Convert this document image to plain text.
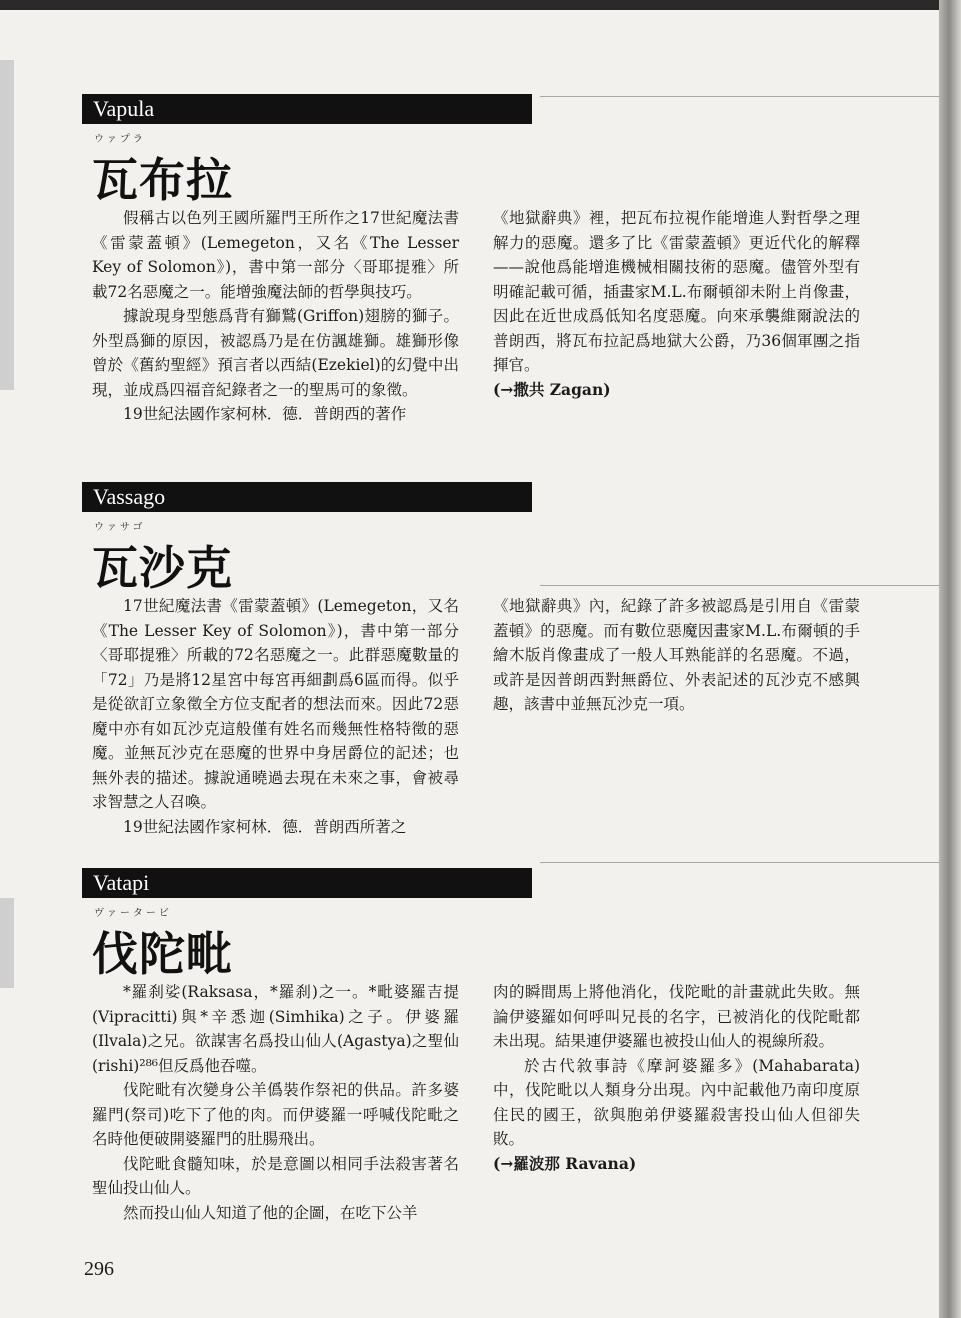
Vapula
ウァプラ
瓦布拉

假稱古以色列王國所羅門王所作之17世紀魔法書《雷蒙蓋頓》(Lemegeton，又名《The Lesser Key of Solomon》)，書中第一部分〈哥耶提雅〉所載72名惡魔之一。能增強魔法師的哲學與技巧。

據說現身型態爲背有獅鷲(Griffon)翅膀的獅子。外型爲獅的原因，被認爲乃是在仿諷雄獅。雄獅形像曾於《舊約聖經》預言者以西結(Ezekiel)的幻覺中出現，並成爲四福音紀錄者之一的聖馬可的象徵。

19世紀法國作家柯林．德．普朗西的著作

《地獄辭典》裡，把瓦布拉視作能增進人對哲學之理解力的惡魔。還多了比《雷蒙蓋頓》更近代化的解釋——說他爲能增進機械相關技術的惡魔。儘管外型有明確記載可循，插畫家M.L.布爾頓卻未附上肖像畫，因此在近世成爲低知名度惡魔。向來承襲維爾說法的普朗西，將瓦布拉記爲地獄大公爵，乃36個軍團之指揮官。

(→撒共 Zagan)

Vassago
ウァサゴ
瓦沙克

17世紀魔法書《雷蒙蓋頓》(Lemegeton，又名《The Lesser Key of Solomon》)，書中第一部分〈哥耶提雅〉所載的72名惡魔之一。此群惡魔數量的「72」乃是將12星宮中每宮再細劃爲6區而得。似乎是從欲訂立象徵全方位支配者的想法而來。因此72惡魔中亦有如瓦沙克這般僅有姓名而幾無性格特徵的惡魔。並無瓦沙克在惡魔的世界中身居爵位的記述；也無外表的描述。據說通曉過去現在未來之事，會被尋求智慧之人召喚。

19世紀法國作家柯林．德．普朗西所著之

《地獄辭典》內，紀錄了許多被認爲是引用自《雷蒙蓋頓》的惡魔。而有數位惡魔因畫家M.L.布爾頓的手繪木版肖像畫成了一般人耳熟能詳的名惡魔。不過，或許是因普朗西對無爵位、外表記述的瓦沙克不感興趣，該書中並無瓦沙克一項。

Vatapi
ヴァータービ
伐陀毗

*羅刹娑(Raksasa，*羅刹)之一。*毗婆羅吉提(Vipracitti)與*辛悉迦(Simhika)之子。伊婆羅(Ilvala)之兄。欲謀害名爲投山仙人(Agastya)之聖仙(rishi)²⁸⁶但反爲他吞噬。

伐陀毗有次變身公羊僞裝作祭祀的供品。許多婆羅門(祭司)吃下了他的肉。而伊婆羅一呼喊伐陀毗之名時他便破開婆羅門的肚腸飛出。

伐陀毗食髓知味，於是意圖以相同手法殺害著名聖仙投山仙人。

然而投山仙人知道了他的企圖，在吃下公羊

肉的瞬間馬上將他消化，伐陀毗的計畫就此失敗。無論伊婆羅如何呼叫兄長的名字，已被消化的伐陀毗都未出現。結果連伊婆羅也被投山仙人的視線所殺。

於古代敘事詩《摩訶婆羅多》(Mahabarata)中，伐陀毗以人類身分出現。內中記載他乃南印度原住民的國王，欲與胞弟伊婆羅殺害投山仙人但卻失敗。

(→羅波那 Ravana)

296
